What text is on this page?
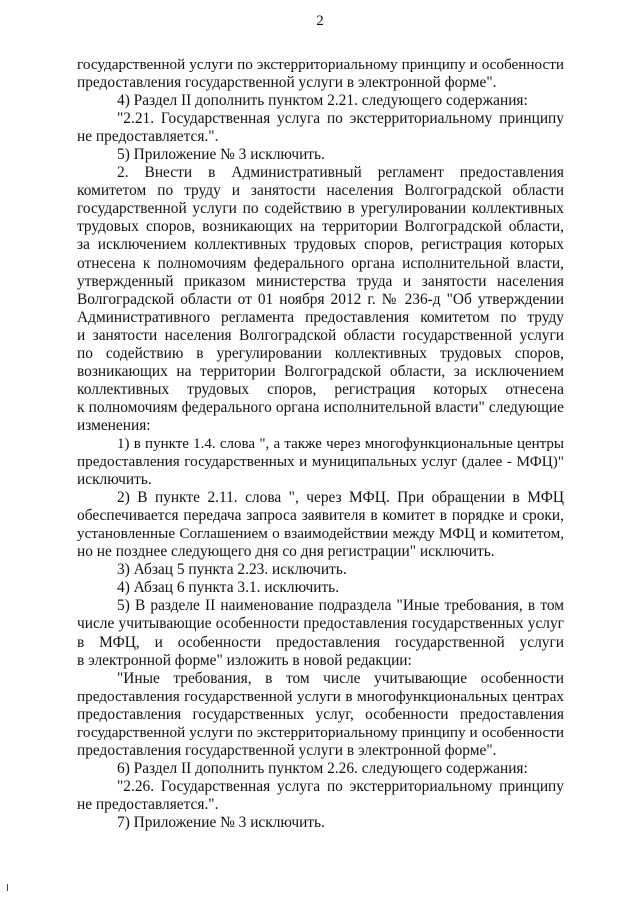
2
государственной услуги по экстерриториальному принципу и особенности
предоставления государственной услуги в электронной форме".
4) Раздел II дополнить пунктом 2.21. следующего содержания:
"2.21. Государственная услуга по экстерриториальному принципу
не предоставляется.".
5) Приложение № 3 исключить.
2. Внести в Административный регламент предоставления
комитетом по труду и занятости населения Волгоградской области
государственной услуги по содействию в урегулировании коллективных
трудовых споров, возникающих на территории Волгоградской области,
за исключением коллективных трудовых споров, регистрация которых
отнесена к полномочиям федерального органа исполнительной власти,
утвержденный приказом министерства труда и занятости населения
Волгоградской области от 01 ноября 2012 г. № 236-д "Об утверждении
Административного регламента предоставления комитетом по труду
и занятости населения Волгоградской области государственной услуги
по содействию в урегулировании коллективных трудовых споров,
возникающих на территории Волгоградской области, за исключением
коллективных трудовых споров, регистрация которых отнесена
к полномочиям федерального органа исполнительной власти" следующие
изменения:
1) в пункте 1.4. слова ", а также через многофункциональные центры
предоставления государственных и муниципальных услуг (далее - МФЦ)"
исключить.
2) В пункте 2.11. слова ", через МФЦ. При обращении в МФЦ
обеспечивается передача запроса заявителя в комитет в порядке и сроки,
установленные Соглашением о взаимодействии между МФЦ и комитетом,
но не позднее следующего дня со дня регистрации" исключить.
3) Абзац 5 пункта 2.23. исключить.
4) Абзац 6 пункта 3.1. исключить.
5) В разделе II наименование подраздела "Иные требования, в том
числе учитывающие особенности предоставления государственных услуг
в МФЦ, и особенности предоставления государственной услуги
в электронной форме" изложить в новой редакции:
"Иные требования, в том числе учитывающие особенности
предоставления государственной услуги в многофункциональных центрах
предоставления государственных услуг, особенности предоставления
государственной услуги по экстерриториальному принципу и особенности
предоставления государственной услуги в электронной форме".
6) Раздел II дополнить пунктом 2.26. следующего содержания:
"2.26. Государственная услуга по экстерриториальному принципу
не предоставляется.".
7) Приложение № 3 исключить.
